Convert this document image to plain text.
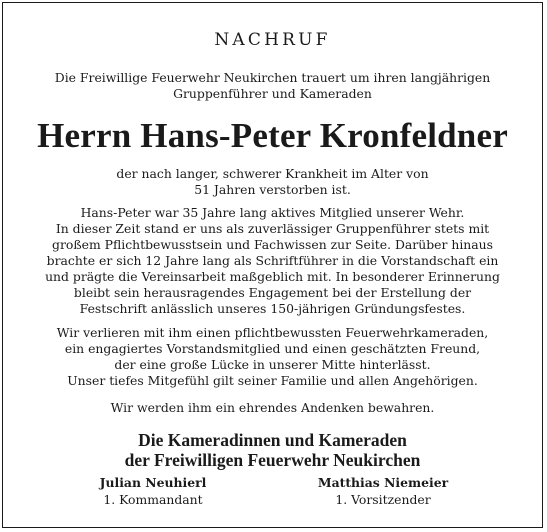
NACHRUF
Die Freiwillige Feuerwehr Neukirchen trauert um ihren langjährigen
Gruppenführer und Kameraden
Herrn Hans-Peter Kronfeldner
der nach langer, schwerer Krankheit im Alter von
51 Jahren verstorben ist.
Hans-Peter war 35 Jahre lang aktives Mitglied unserer Wehr.
In dieser Zeit stand er uns als zuverlässiger Gruppenführer stets mit
großem Pflichtbewusstsein und Fachwissen zur Seite. Darüber hinaus
brachte er sich 12 Jahre lang als Schriftführer in die Vorstandschaft ein
und prägte die Vereinsarbeit maßgeblich mit. In besonderer Erinnerung
bleibt sein herausragendes Engagement bei der Erstellung der
Festschrift anlässlich unseres 150-jährigen Gründungsfestes.
Wir verlieren mit ihm einen pflichtbewussten Feuerwehrkameraden,
ein engagiertes Vorstandsmitglied und einen geschätzten Freund,
der eine große Lücke in unserer Mitte hinterlässt.
Unser tiefes Mitgefühl gilt seiner Familie und allen Angehörigen.
Wir werden ihm ein ehrendes Andenken bewahren.
Die Kameradinnen und Kameraden
der Freiwilligen Feuerwehr Neukirchen
Julian Neuhierl
1. Kommandant
Matthias Niemeier
1. Vorsitzender
